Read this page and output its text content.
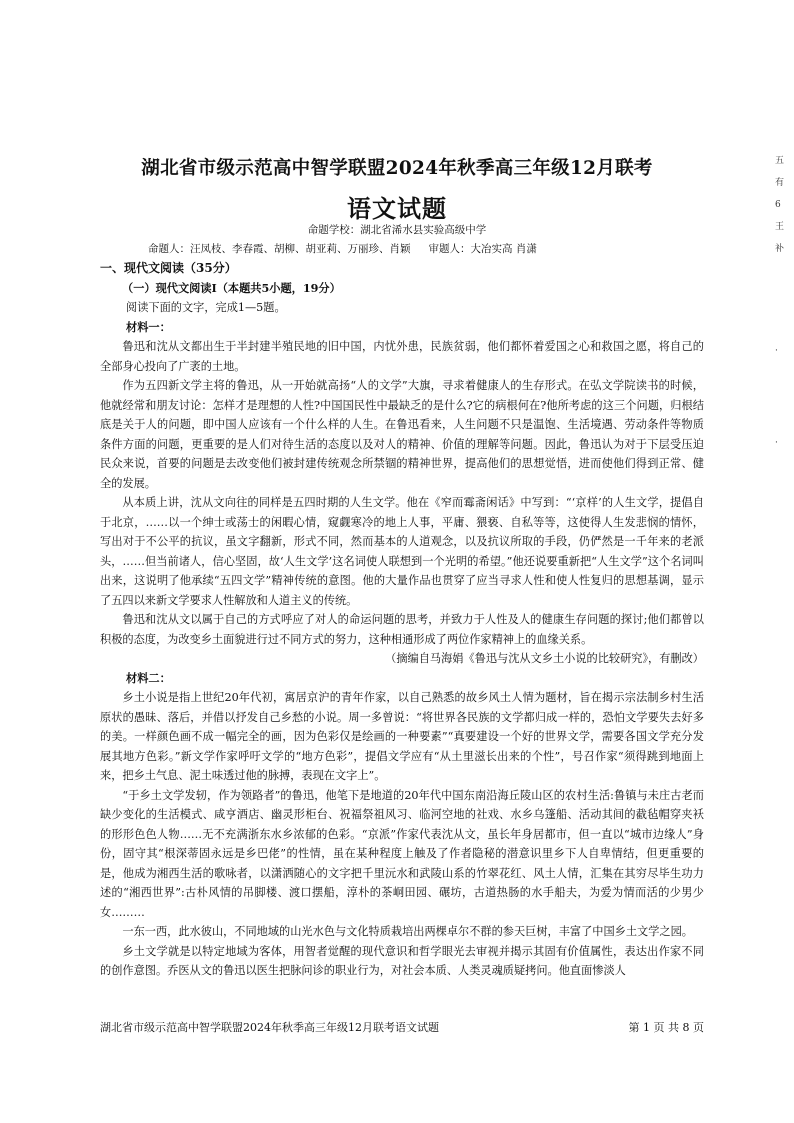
五
有
6
王
补
·
·
湖北省市级示范高中智学联盟2024年秋季高三年级12月联考
语文试题
命题学校：湖北省浠水县实验高级中学
命题人：汪凤枝、李春霞、胡柳、胡亚莉、万丽珍、肖颖 审题人：大冶实高 肖潇

一、现代文阅读（35分）

（一）现代文阅读Ⅰ（本题共5小题，19分）

阅读下面的文字，完成1—5题。

材料一：

鲁迅和沈从文都出生于半封建半殖民地的旧中国，内忧外患，民族贫弱，他们都怀着爱国之心和救国之愿，将自己的全部身心投向了广袤的土地。

作为五四新文学主将的鲁迅，从一开始就高扬“人的文学”大旗，寻求着健康人的生存形式。在弘文学院读书的时候，他就经常和朋友讨论：怎样才是理想的人性?中国国民性中最缺乏的是什么?它的病根何在?他所考虑的这三个问题，归根结底是关于人的问题，即中国人应该有一个什么样的人生。在鲁迅看来，人生问题不只是温饱、生活境遇、劳动条件等物质条件方面的问题，更重要的是人们对待生活的态度以及对人的精神、价值的理解等问题。因此，鲁迅认为对于下层受压迫民众来说，首要的问题是去改变他们被封建传统观念所禁锢的精神世界，提高他们的思想觉悟，进而使他们得到正常、健全的发展。

从本质上讲，沈从文向往的同样是五四时期的人生文学。他在《窄而霉斋闲话》中写到：“‘京样’的人生文学，提倡自于北京，……以一个绅士或荡士的闲暇心情，窥觑寒冷的地上人事，平庸、猥亵、自私等等，这使得人生发悲悯的情怀，写出对于不公平的抗议，虽文字翻新，形式不同，然而基本的人道观念，以及抗议所取的手段，仍俨然是一千年来的老派头，……但当前诸人，信心坚固，故‘人生文学’这名词使人联想到一个光明的希望。”他还说要重新把“人生文学”这个名词叫出来，这说明了他承续“五四文学”精神传统的意图。他的大量作品也贯穿了应当寻求人性和使人性复归的思想基调，显示了五四以来新文学要求人性解放和人道主义的传统。

鲁迅和沈从文以属于自己的方式呼应了对人的命运问题的思考，并致力于人性及人的健康生存问题的探讨;他们都曾以积极的态度，为改变乡土面貌进行过不同方式的努力，这种相通形成了两位作家精神上的血缘关系。

（摘编自马海娟《鲁迅与沈从文乡土小说的比较研究》，有删改）

材料二：

乡土小说是指上世纪20年代初，寓居京沪的青年作家，以自己熟悉的故乡风土人情为题材，旨在揭示宗法制乡村生活原状的愚昧、落后，并借以抒发自己乡愁的小说。周一多曾说：“将世界各民族的文学都归成一样的，恐怕文学要失去好多的美。一样颜色画不成一幅完全的画，因为色彩仅是绘画的一种要素”“真要建设一个好的世界文学，需要各国文学充分发展其地方色彩。”新文学作家呼吁文学的“地方色彩”，提倡文学应有“从土里滋长出来的个性”，号召作家“须得跳到地面上来，把乡土气息、泥土味透过他的脉搏，表现在文字上”。

“于乡土文学发轫，作为领路者”的鲁迅，他笔下是地道的20年代中国东南沿海丘陵山区的农村生活:鲁镇与未庄古老而缺少变化的生活模式、咸亨酒店、幽灵形柜台、祝福祭祖风习、临河空地的社戏、水乡乌篷船、活动其间的截毡帽穿夹袄的形形色色人物……无不充满浙东水乡浓郁的色彩。“京派”作家代表沈从文，虽长年身居都市，但一直以“城市边缘人”身份，固守其“根深蒂固永远是乡巴佬”的性情，虽在某种程度上触及了作者隐秘的潜意识里乡下人自卑情结，但更重要的是，他成为湘西生活的歌咏者，以潇洒随心的文字把千里沅水和武陵山系的竹翠花红、风土人情，汇集在其穷尽毕生功力述的“湘西世界”:古朴风情的吊脚楼、渡口摆船，淳朴的茶峒田园、碾坊，古道热肠的水手船夫，为爱为情而活的少男少女………

一东一西，此水彼山，不同地域的山光水色与文化特质栽培出两棵卓尔不群的参天巨树，丰富了中国乡土文学之园。

乡土文学就是以特定地域为客体，用智者觉醒的现代意识和哲学眼光去审视并揭示其固有价值属性，表达出作家不同的创作意图。乔医从文的鲁迅以医生把脉问诊的职业行为，对社会本质、人类灵魂质疑拷问。他直面惨淡人

湖北省市级示范高中智学联盟2024年秋季高三年级12月联考语文试题	第 1 页 共 8 页
